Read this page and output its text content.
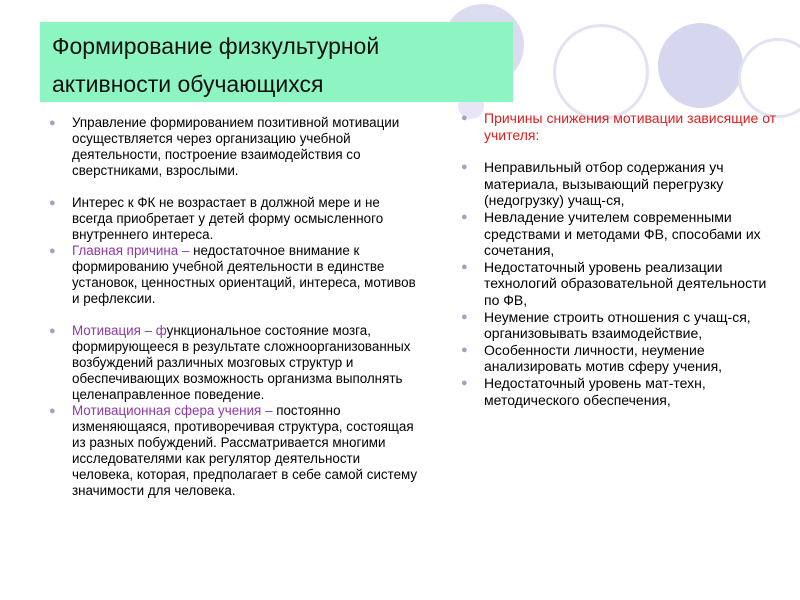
Формирование физкультурной
активности обучающихся
● Управление формированием позитивной мотивации осуществляется через организацию учебной деятельности, построение взаимодействия со сверстниками, взрослыми.
● Интерес к ФК не возрастает в должной мере и не всегда приобретает у детей форму осмысленного внутреннего интереса.
● Главная причина – недостаточное внимание к формированию учебной деятельности в единстве установок, ценностных ориентаций, интереса, мотивов и рефлексии.
● Мотивация – функциональное состояние мозга, формирующееся в результате сложноорганизованных возбуждений различных мозговых структур и обеспечивающих возможность организма выполнять целенаправленное поведение.
● Мотивационная сфера учения – постоянно изменяющаяся, противоречивая структура, состоящая из разных побуждений. Рассматривается многими исследователями как регулятор деятельности человека, которая, предполагает в себе самой систему значимости для человека.
● Причины снижения мотивации зависящие от учителя:
● Неправильный отбор содержания уч материала, вызывающий перегрузку (недогрузку) учащ-ся,
● Невладение учителем современными средствами и методами ФВ, способами их сочетания,
● Недостаточный уровень реализации технологий образовательной деятельности по ФВ,
● Неумение строить отношения с учащ-ся, организовывать взаимодействие,
● Особенности личности, неумение анализировать мотив сферу учения,
● Недостаточный уровень мат-техн, методического обеспечения,
